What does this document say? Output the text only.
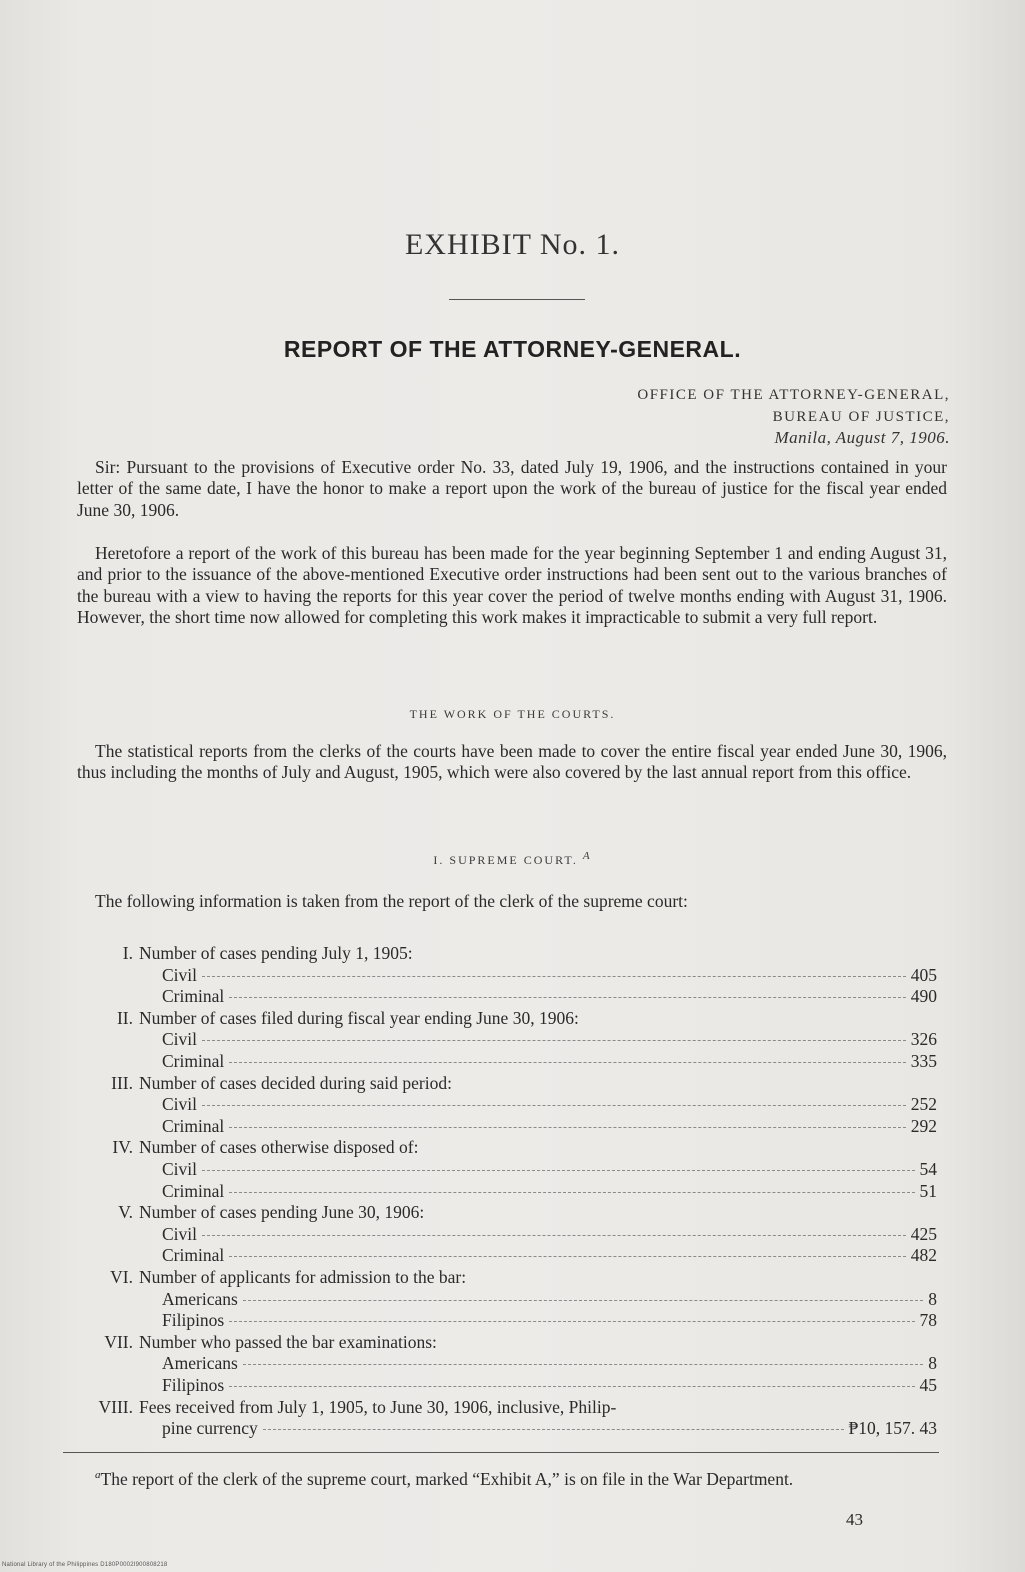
EXHIBIT No. 1.
REPORT OF THE ATTORNEY-GENERAL.
OFFICE OF THE ATTORNEY-GENERAL,
BUREAU OF JUSTICE,
Manila, August 7, 1906.
Sir: Pursuant to the provisions of Executive order No. 33, dated July 19, 1906, and the instructions contained in your letter of the same date, I have the honor to make a report upon the work of the bureau of justice for the fiscal year ended June 30, 1906.
Heretofore a report of the work of this bureau has been made for the year beginning September 1 and ending August 31, and prior to the issuance of the above-mentioned Executive order instructions had been sent out to the various branches of the bureau with a view to having the reports for this year cover the period of twelve months ending with August 31, 1906. However, the short time now allowed for completing this work makes it impracticable to submit a very full report.
THE WORK OF THE COURTS.
The statistical reports from the clerks of the courts have been made to cover the entire fiscal year ended June 30, 1906, thus including the months of July and August, 1905, which were also covered by the last annual report from this office.
I. SUPREME COURT. A
The following information is taken from the report of the clerk of the supreme court:
I. Number of cases pending July 1, 1905:
Civil	405
Criminal	490
II. Number of cases filed during fiscal year ending June 30, 1906:
Civil	326
Criminal	335
III. Number of cases decided during said period:
Civil	252
Criminal	292
IV. Number of cases otherwise disposed of:
Civil	54
Criminal	51
V. Number of cases pending June 30, 1906:
Civil	425
Criminal	482
VI. Number of applicants for admission to the bar:
Americans	8
Filipinos	78
VII. Number who passed the bar examinations:
Americans	8
Filipinos	45
VIII. Fees received from July 1, 1905, to June 30, 1906, inclusive, Philip-
pine currency	₱10, 157. 43
$^a$The report of the clerk of the supreme court, marked “Exhibit A,” is on file in the War Department.
43
National Library of the Philippines D180P0002I900808218
